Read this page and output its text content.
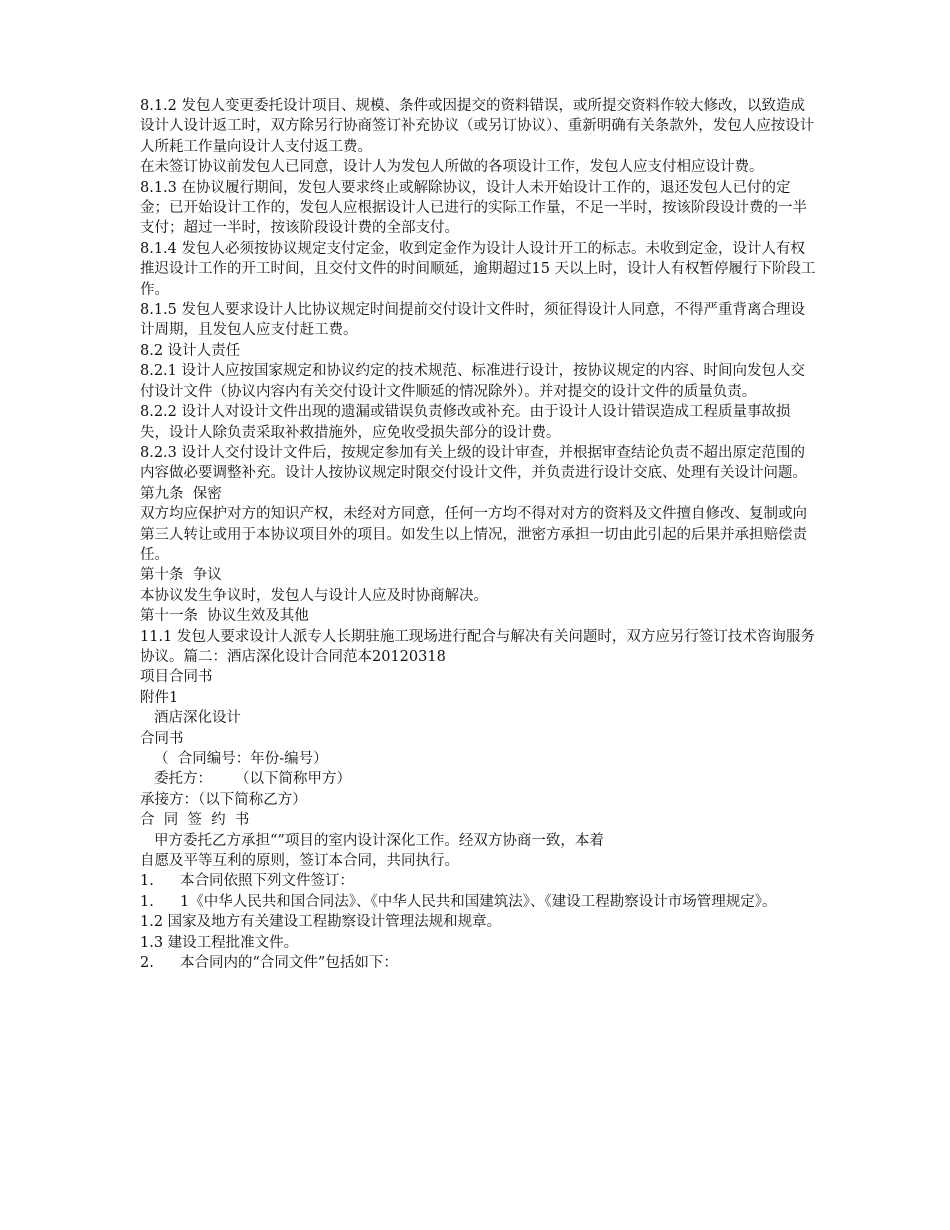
8.1.2 发包人变更委托设计项目、规模、条件或因提交的资料错误，或所提交资料作较大修改，以致造成设计人设计返工时，双方除另行协商签订补充协议（或另订协议）、重新明确有关条款外，发包人应按设计人所耗工作量向设计人支付返工费。

在未签订协议前发包人已同意，设计人为发包人所做的各项设计工作，发包人应支付相应设计费。

8.1.3 在协议履行期间，发包人要求终止或解除协议，设计人未开始设计工作的，退还发包人已付的定金；已开始设计工作的，发包人应根据设计人已进行的实际工作量，不足一半时，按该阶段设计费的一半支付；超过一半时，按该阶段设计费的全部支付。

8.1.4 发包人必须按协议规定支付定金，收到定金作为设计人设计开工的标志。未收到定金，设计人有权推迟设计工作的开工时间，且交付文件的时间顺延，逾期超过15 天以上时，设计人有权暂停履行下阶段工作。

8.1.5 发包人要求设计人比协议规定时间提前交付设计文件时，须征得设计人同意，不得严重背离合理设计周期，且发包人应支付赶工费。

8.2 设计人责任

8.2.1 设计人应按国家规定和协议约定的技术规范、标准进行设计，按协议规定的内容、时间向发包人交付设计文件（协议内容内有关交付设计文件顺延的情况除外）。并对提交的设计文件的质量负责。

8.2.2 设计人对设计文件出现的遗漏或错误负责修改或补充。由于设计人设计错误造成工程质量事故损失，设计人除负责采取补救措施外，应免收受损失部分的设计费。

8.2.3 设计人交付设计文件后，按规定参加有关上级的设计审查，并根据审查结论负责不超出原定范围的内容做必要调整补充。设计人按协议规定时限交付设计文件，并负责进行设计交底、处理有关设计问题。

第九条  保密

双方均应保护对方的知识产权，未经对方同意，任何一方均不得对对方的资料及文件擅自修改、复制或向第三人转让或用于本协议项目外的项目。如发生以上情况，泄密方承担一切由此引起的后果并承担赔偿责任。

第十条  争议

本协议发生争议时，发包人与设计人应及时协商解决。

第十一条  协议生效及其他

11.1 发包人要求设计人派专人长期驻施工现场进行配合与解决有关问题时，双方应另行签订技术咨询服务协议。篇二：酒店深化设计合同范本20120318

项目合同书

附件1

酒店深化设计

合同书

（  合同编号：年份-编号）

委托方：     （以下简称甲方）

承接方：（以下简称乙方）

合  同  签  约  书

甲方委托乙方承担“”项目的室内设计深化工作。经双方协商一致，本着

自愿及平等互利的原则，签订本合同，共同执行。

1.	本合同依照下列文件签订：
1.	1《中华人民共和国合同法》、《中华人民共和国建筑法》、《建设工程勘察设计市场管理规定》。

1.2 国家及地方有关建设工程勘察设计管理法规和规章。

1.3 建设工程批准文件。

2.	本合同内的“合同文件”包括如下：
